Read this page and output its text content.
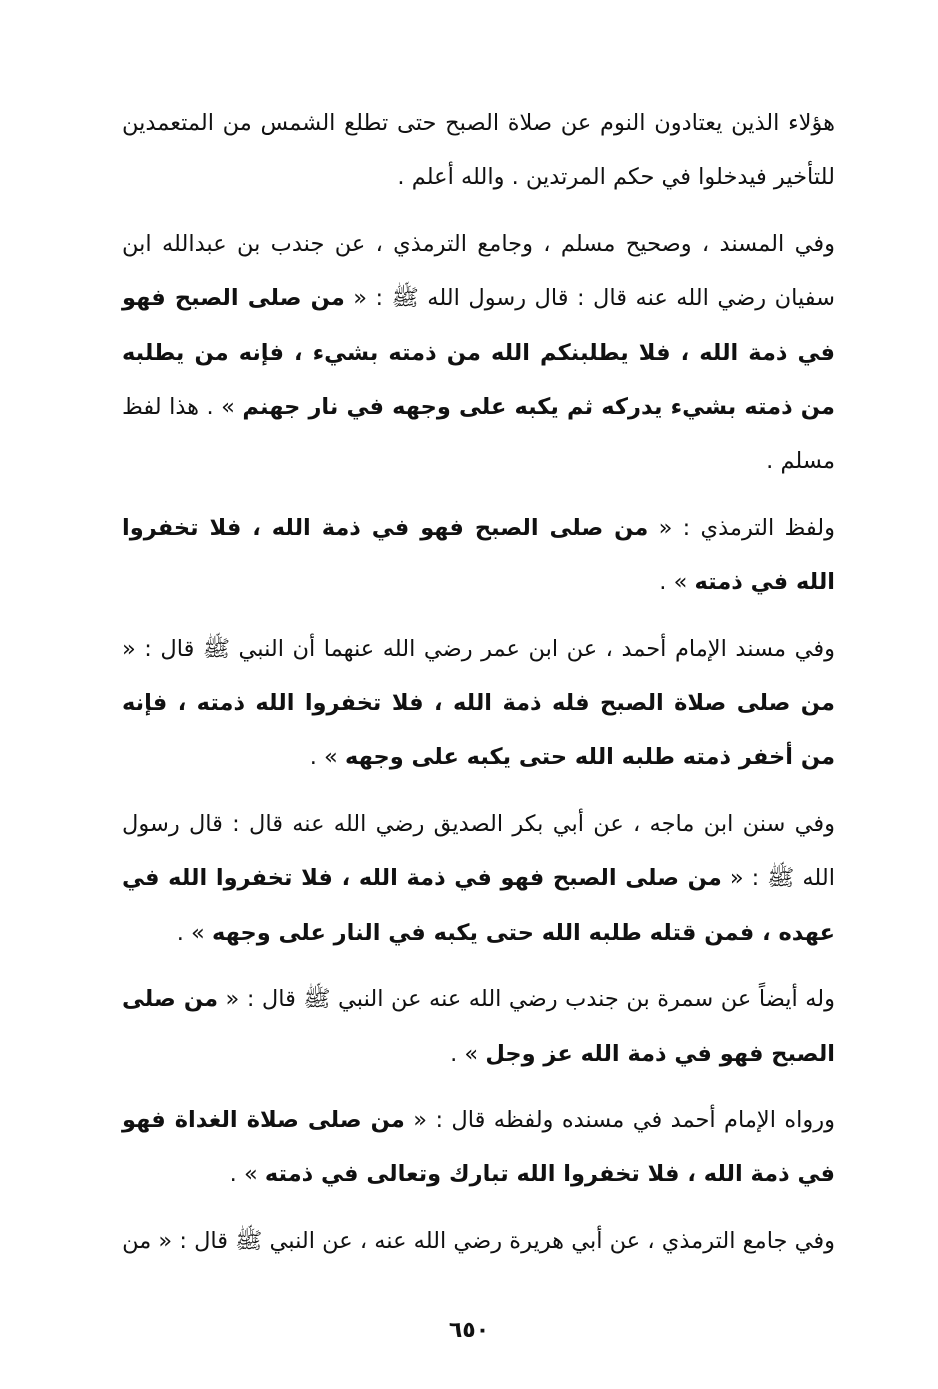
هؤلاء الذين يعتادون النوم عن صلاة الصبح حتى تطلع الشمس من المتعمدين للتأخير فيدخلوا في حكم المرتدين . والله أعلم .

وفي المسند ، وصحيح مسلم ، وجامع الترمذي ، عن جندب بن عبدالله ابن سفيان رضي الله عنه قال : قال رسول الله ﷺ : « من صلى الصبح فهو في ذمة الله ، فلا يطلبنكم الله من ذمته بشيء ، فإنه من يطلبه من ذمته بشيء يدركه ثم يكبه على وجهه في نار جهنم » . هذا لفظ مسلم .

ولفظ الترمذي : « من صلى الصبح فهو في ذمة الله ، فلا تخفروا الله في ذمته » .

وفي مسند الإمام أحمد ، عن ابن عمر رضي الله عنهما أن النبي ﷺ قال : « من صلى صلاة الصبح فله ذمة الله ، فلا تخفروا الله ذمته ، فإنه من أخفر ذمته طلبه الله حتى يكبه على وجهه » .

وفي سنن ابن ماجه ، عن أبي بكر الصديق رضي الله عنه قال : قال رسول الله ﷺ : « من صلى الصبح فهو في ذمة الله ، فلا تخفروا الله في عهده ، فمن قتله طلبه الله حتى يكبه في النار على وجهه » .

وله أيضاً عن سمرة بن جندب رضي الله عنه عن النبي ﷺ قال : « من صلى الصبح فهو في ذمة الله عز وجل » .

ورواه الإمام أحمد في مسنده ولفظه قال : « من صلى صلاة الغداة فهو في ذمة الله ، فلا تخفروا الله تبارك وتعالى في ذمته » .

وفي جامع الترمذي ، عن أبي هريرة رضي الله عنه ، عن النبي ﷺ قال : « من

٦٥٠
